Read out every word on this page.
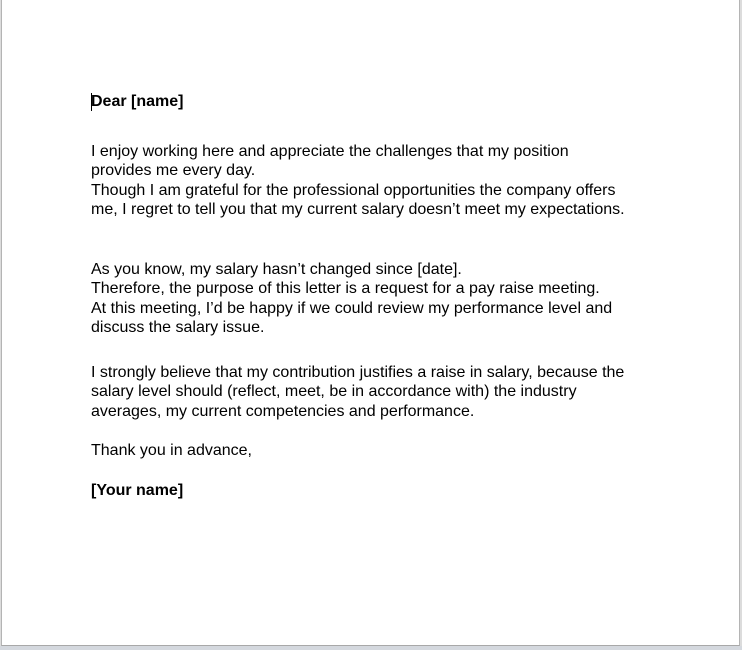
Dear [name]

I enjoy working here and appreciate the challenges that my position
provides me every day.
Though I am grateful for the professional opportunities the company offers
me, I regret to tell you that my current salary doesn’t meet my expectations.

As you know, my salary hasn’t changed since [date].
Therefore, the purpose of this letter is a request for a pay raise meeting.
At this meeting, I’d be happy if we could review my performance level and
discuss the salary issue.

I strongly believe that my contribution justifies a raise in salary, because the
salary level should (reflect, meet, be in accordance with) the industry
averages, my current competencies and performance.

Thank you in advance,

[Your name]
